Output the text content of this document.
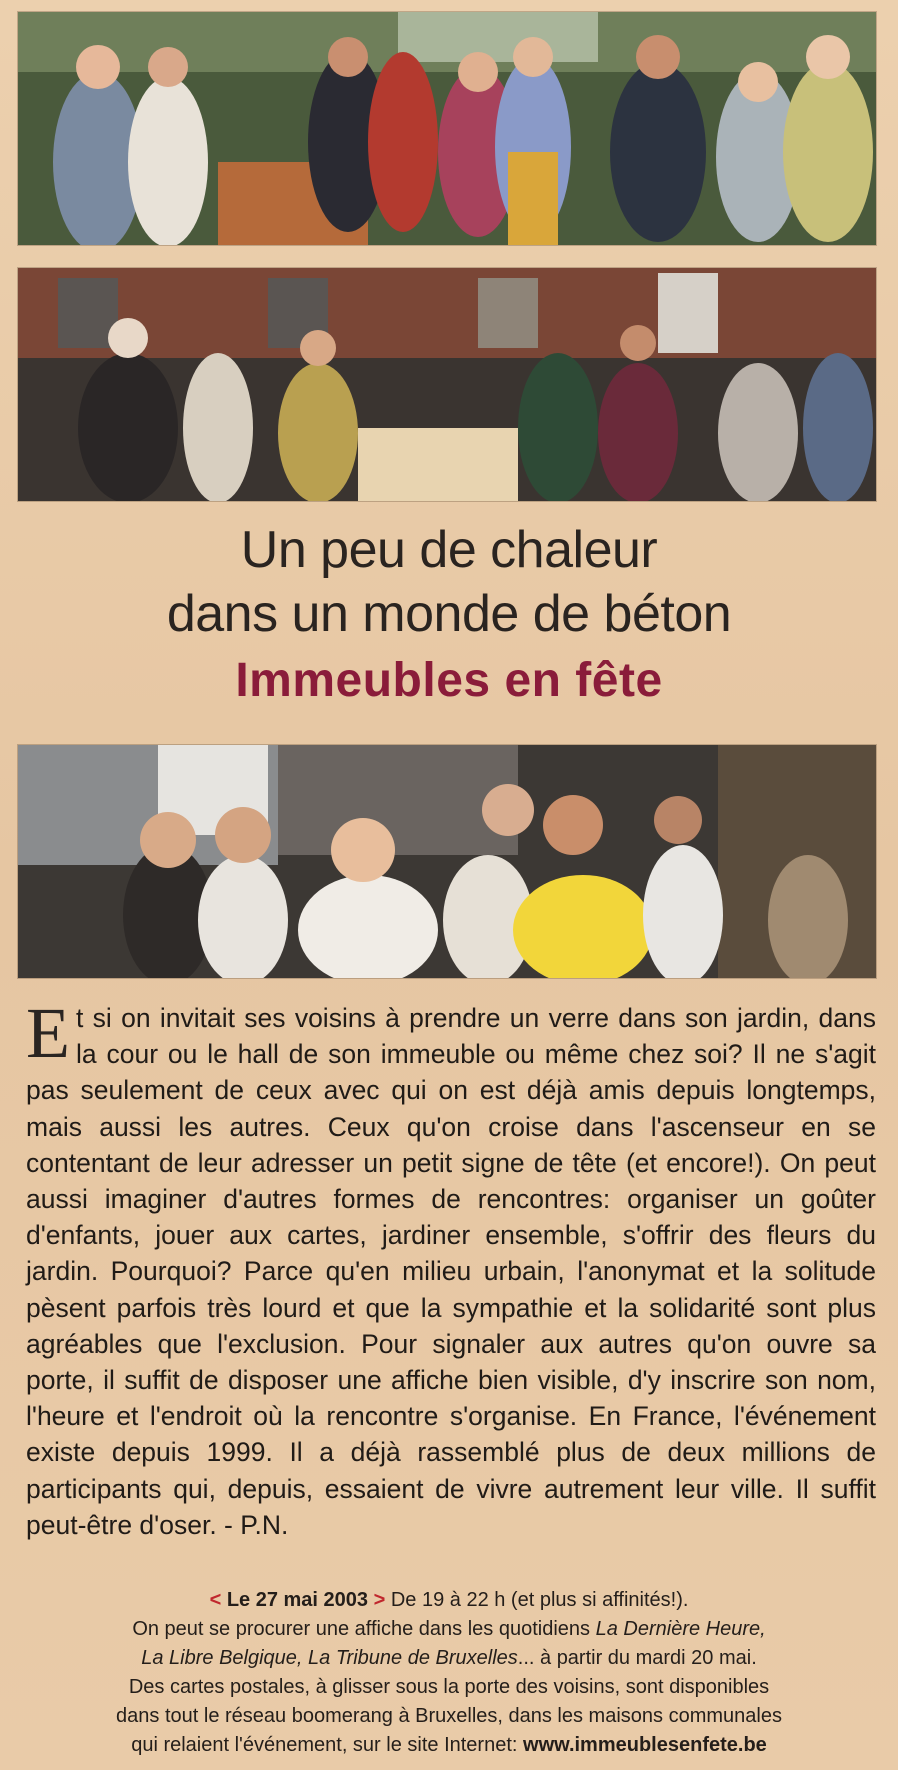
Un peu de chaleur
dans un monde de béton
Immeubles en fête
Et si on invitait ses voisins à prendre un verre dans son jardin, dans la cour ou le hall de son immeuble ou même chez soi? Il ne s'agit pas seulement de ceux avec qui on est déjà amis depuis longtemps, mais aussi les autres. Ceux qu'on croise dans l'ascenseur en se contentant de leur adresser un petit signe de tête (et encore!). On peut aussi imaginer d'autres formes de rencontres: organiser un goûter d'enfants, jouer aux cartes, jardiner ensemble, s'offrir des fleurs du jardin. Pourquoi? Parce qu'en milieu urbain, l'anonymat et la solitude pèsent parfois très lourd et que la sympathie et la solidarité sont plus agréables que l'exclusion. Pour signaler aux autres qu'on ouvre sa porte, il suffit de disposer une affiche bien visible, d'y inscrire son nom, l'heure et l'endroit où la rencontre s'organise. En France, l'événement existe depuis 1999. Il a déjà rassemblé plus de deux millions de participants qui, depuis, essaient de vivre autrement leur ville. Il suffit peut-être d'oser. - P.N.
< Le 27 mai 2003 > De 19 à 22 h (et plus si affinités!).
On peut se procurer une affiche dans les quotidiens La Dernière Heure,
La Libre Belgique, La Tribune de Bruxelles... à partir du mardi 20 mai.
Des cartes postales, à glisser sous la porte des voisins, sont disponibles
dans tout le réseau boomerang à Bruxelles, dans les maisons communales
qui relaient l'événement, sur le site Internet: www.immeublesenfete.be
